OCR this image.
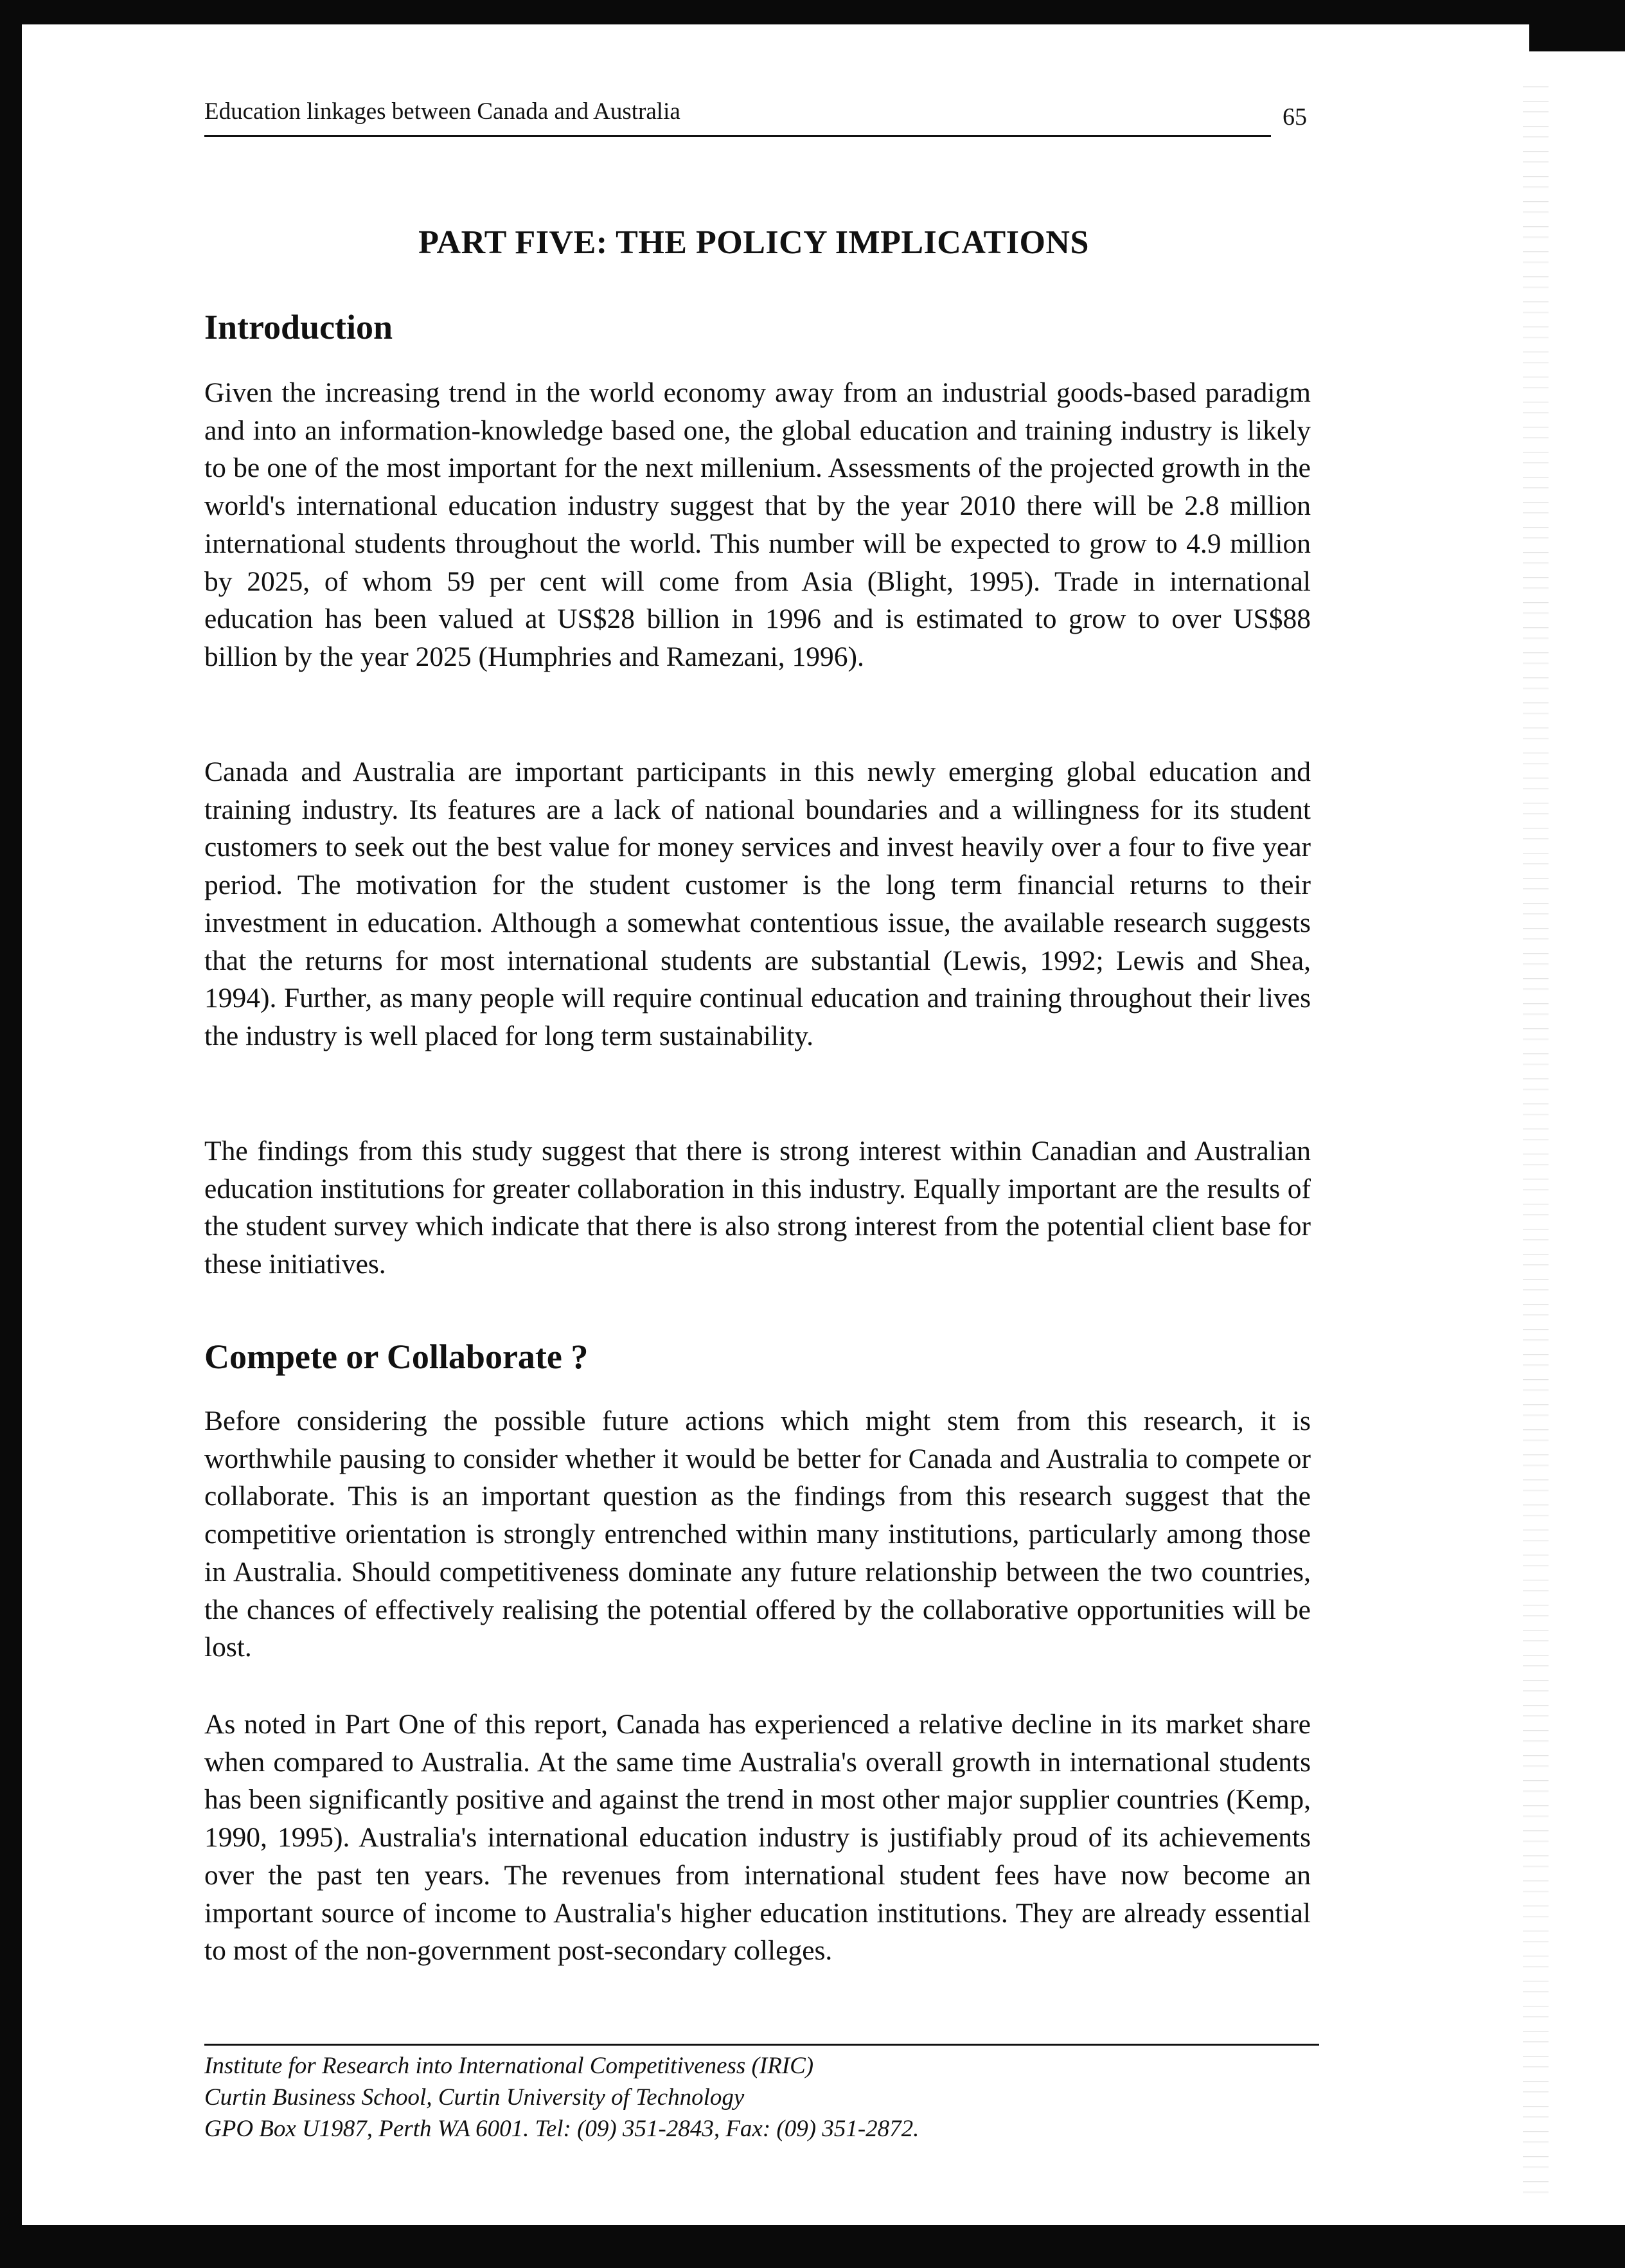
Education linkages between Canada and Australia	65
PART FIVE: THE POLICY IMPLICATIONS
Introduction
Given the increasing trend in the world economy away from an industrial goods-based paradigm and into an information-knowledge based one, the global education and training industry is likely to be one of the most important for the next millenium. Assessments of the projected growth in the world's international education industry suggest that by the year 2010 there will be 2.8 million international students throughout the world. This number will be expected to grow to 4.9 million by 2025, of whom 59 per cent will come from Asia (Blight, 1995). Trade in international education has been valued at US$28 billion in 1996 and is estimated to grow to over US$88 billion by the year 2025 (Humphries and Ramezani, 1996).
Canada and Australia are important participants in this newly emerging global education and training industry. Its features are a lack of national boundaries and a willingness for its student customers to seek out the best value for money services and invest heavily over a four to five year period. The motivation for the student customer is the long term financial returns to their investment in education. Although a somewhat contentious issue, the available research suggests that the returns for most international students are substantial (Lewis, 1992; Lewis and Shea, 1994). Further, as many people will require continual education and training throughout their lives the industry is well placed for long term sustainability.
The findings from this study suggest that there is strong interest within Canadian and Australian education institutions for greater collaboration in this industry. Equally important are the results of the student survey which indicate that there is also strong interest from the potential client base for these initiatives.
Compete or Collaborate ?
Before considering the possible future actions which might stem from this research, it is worthwhile pausing to consider whether it would be better for Canada and Australia to compete or collaborate. This is an important question as the findings from this research suggest that the competitive orientation is strongly entrenched within many institutions, particularly among those in Australia. Should competitiveness dominate any future relationship between the two countries, the chances of effectively realising the potential offered by the collaborative opportunities will be lost.
As noted in Part One of this report, Canada has experienced a relative decline in its market share when compared to Australia. At the same time Australia's overall growth in international students has been significantly positive and against the trend in most other major supplier countries (Kemp, 1990, 1995). Australia's international education industry is justifiably proud of its achievements over the past ten years. The revenues from international student fees have now become an important source of income to Australia's higher education institutions. They are already essential to most of the non-government post-secondary colleges.
Institute for Research into International Competitiveness (IRIC)
Curtin Business School, Curtin University of Technology
GPO Box U1987, Perth WA 6001. Tel: (09) 351-2843, Fax: (09) 351-2872.
